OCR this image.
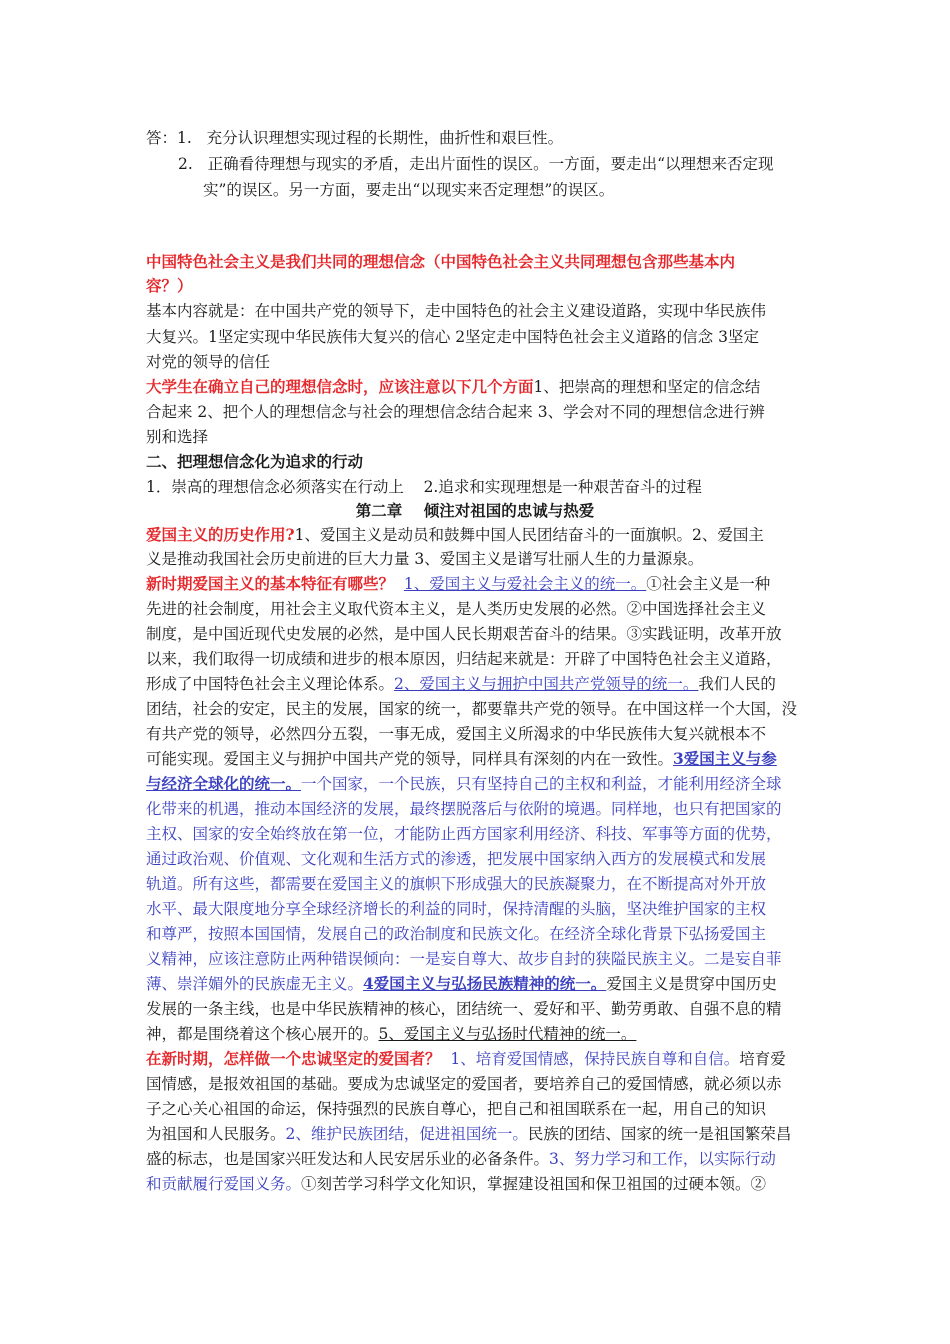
答：1. 充分认识理想实现过程的长期性，曲折性和艰巨性。
2. 正确看待理想与现实的矛盾，走出片面性的误区。一方面，要走出“以理想来否定现
实”的误区。另一方面，要走出“以现实来否定理想”的误区。
中国特色社会主义是我们共同的理想信念（中国特色社会主义共同理想包含那些基本内
容？）
基本内容就是：在中国共产党的领导下，走中国特色的社会主义建设道路，实现中华民族伟
大复兴。1坚定实现中华民族伟大复兴的信心 2坚定走中国特色社会主义道路的信念 3坚定
对党的领导的信任
大学生在确立自己的理想信念时，应该注意以下几个方面1、把崇高的理想和坚定的信念结
合起来 2、把个人的理想信念与社会的理想信念结合起来 3、学会对不同的理想信念进行辨
别和选择
二、把理想信念化为追求的行动
1．崇高的理想信念必须落实在行动上    2.追求和实现理想是一种艰苦奋斗的过程
第二章    倾注对祖国的忠诚与热爱
爱国主义的历史作用?1、爱国主义是动员和鼓舞中国人民团结奋斗的一面旗帜。2、爱国主
义是推动我国社会历史前进的巨大力量 3、爱国主义是谱写壮丽人生的力量源泉。
新时期爱国主义的基本特征有哪些？ 1、爱国主义与爱社会主义的统一。①社会主义是一种
先进的社会制度，用社会主义取代资本主义，是人类历史发展的必然。②中国选择社会主义
制度，是中国近现代史发展的必然，是中国人民长期艰苦奋斗的结果。③实践证明，改革开放
以来，我们取得一切成绩和进步的根本原因，归结起来就是：开辟了中国特色社会主义道路，
形成了中国特色社会主义理论体系。2、爱国主义与拥护中国共产党领导的统一。我们人民的
团结，社会的安定，民主的发展，国家的统一，都要靠共产党的领导。在中国这样一个大国，没
有共产党的领导，必然四分五裂，一事无成，爱国主义所渴求的中华民族伟大复兴就根本不
可能实现。爱国主义与拥护中国共产党的领导，同样具有深刻的内在一致性。3爱国主义与参
与经济全球化的统一。一个国家，一个民族，只有坚持自己的主权和利益，才能利用经济全球
化带来的机遇，推动本国经济的发展，最终摆脱落后与依附的境遇。同样地，也只有把国家的
主权、国家的安全始终放在第一位，才能防止西方国家利用经济、科技、军事等方面的优势，
通过政治观、价值观、文化观和生活方式的渗透，把发展中国家纳入西方的发展模式和发展
轨道。所有这些，都需要在爱国主义的旗帜下形成强大的民族凝聚力，在不断提高对外开放
水平、最大限度地分享全球经济增长的利益的同时，保持清醒的头脑，坚决维护国家的主权
和尊严，按照本国国情，发展自己的政治制度和民族文化。在经济全球化背景下弘扬爱国主
义精神，应该注意防止两种错误倾向：一是妄自尊大、故步自封的狭隘民族主义。二是妄自菲
薄、崇洋媚外的民族虚无主义。4爱国主义与弘扬民族精神的统一。爱国主义是贯穿中国历史
发展的一条主线，也是中华民族精神的核心，团结统一、爱好和平、勤劳勇敢、自强不息的精
神，都是围绕着这个核心展开的。5、爱国主义与弘扬时代精神的统一。
在新时期，怎样做一个忠诚坚定的爱国者？ 1、培育爱国情感，保持民族自尊和自信。培育爱
国情感，是报效祖国的基础。要成为忠诚坚定的爱国者，要培养自己的爱国情感，就必须以赤
子之心关心祖国的命运，保持强烈的民族自尊心，把自己和祖国联系在一起，用自己的知识
为祖国和人民服务。2、维护民族团结，促进祖国统一。民族的团结、国家的统一是祖国繁荣昌
盛的标志，也是国家兴旺发达和人民安居乐业的必备条件。3、努力学习和工作，以实际行动
和贡献履行爱国义务。①刻苦学习科学文化知识，掌握建设祖国和保卫祖国的过硬本领。②
